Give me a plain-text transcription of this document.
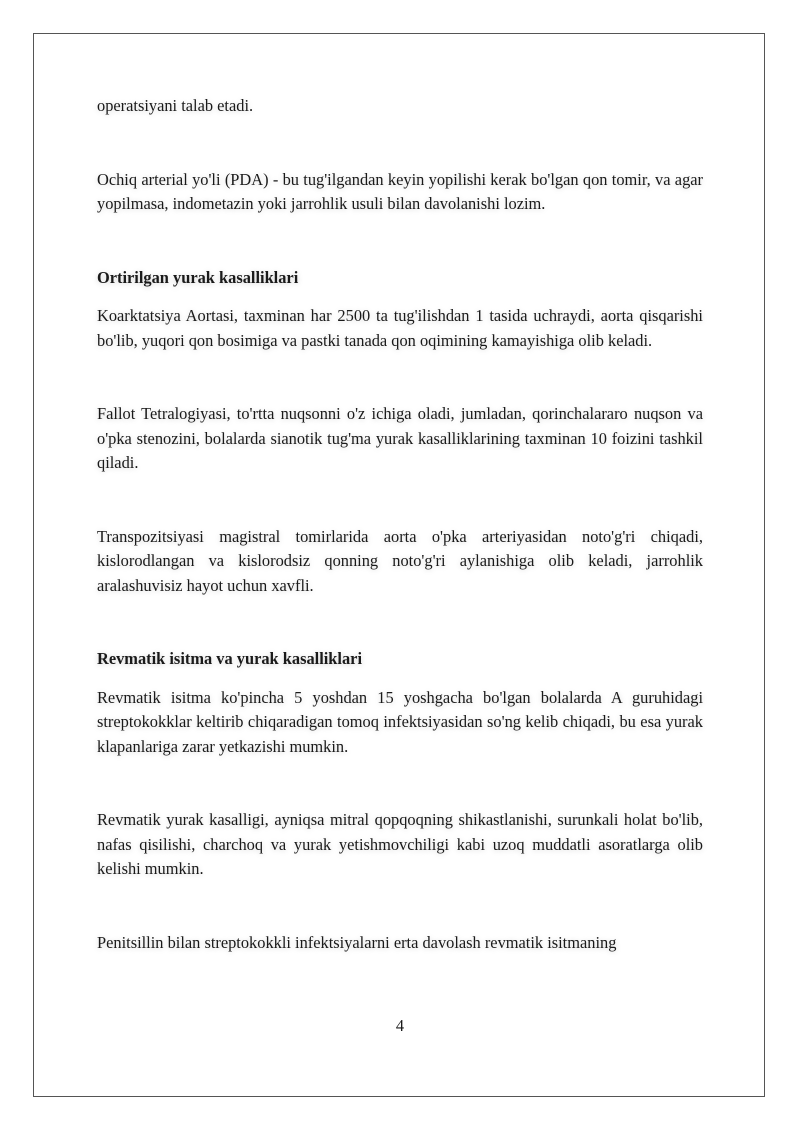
operatsiyani talab etadi.

Ochiq arterial yo'li (PDA) - bu tug'ilgandan keyin yopilishi kerak bo'lgan qon tomir, va agar yopilmasa, indometazin yoki jarrohlik usuli bilan davolanishi lozim.

Ortirilgan yurak kasalliklari

Koarktatsiya Aortasi, taxminan har 2500 ta tug'ilishdan 1 tasida uchraydi, aorta qisqarishi bo'lib, yuqori qon bosimiga va pastki tanada qon oqimining kamayishiga olib keladi.

Fallot Tetralogiyasi, to'rtta nuqsonni o'z ichiga oladi, jumladan, qorinchalararo nuqson va o'pka stenozini, bolalarda sianotik tug'ma yurak kasalliklarining taxminan 10 foizini tashkil qiladi.

Transpozitsiyasi magistral tomirlarida aorta o'pka arteriyasidan noto'g'ri chiqadi, kislorodlangan va kislorodsiz qonning noto'g'ri aylanishiga olib keladi, jarrohlik aralashuvisiz hayot uchun xavfli.

Revmatik isitma va yurak kasalliklari

Revmatik isitma ko'pincha 5 yoshdan 15 yoshgacha bo'lgan bolalarda A guruhidagi streptokokklar keltirib chiqaradigan tomoq infektsiyasidan so'ng kelib chiqadi, bu esa yurak klapanlariga zarar yetkazishi mumkin.

Revmatik yurak kasalligi, ayniqsa mitral qopqoqning shikastlanishi, surunkali holat bo'lib, nafas qisilishi, charchoq va yurak yetishmovchiligi kabi uzoq muddatli asoratlarga olib kelishi mumkin.

Penitsillin bilan streptokokkli infektsiyalarni erta davolash revmatik isitmaning

4
